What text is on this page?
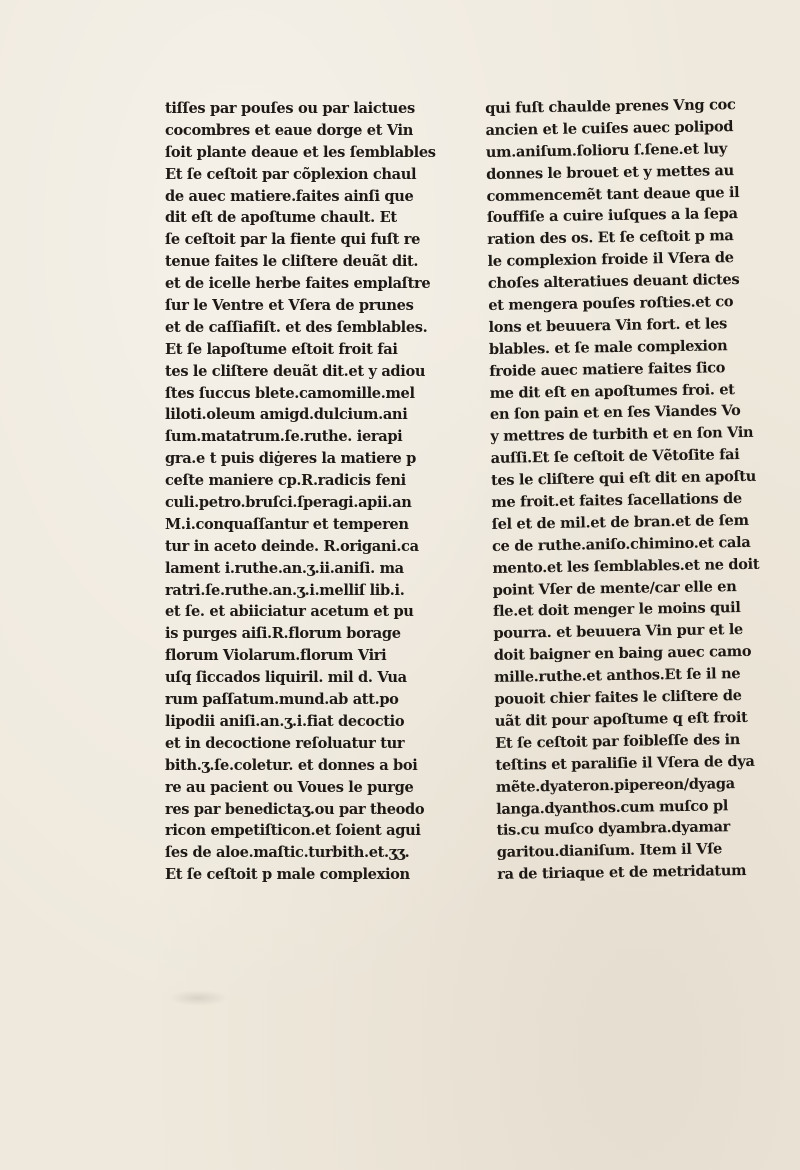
tiſſes par pouſes ou par laictues
cocombres et eaue dorge et Vin
ſoit plante deaue et les ſemblables
Et ſe ceſtoit par cõplexion chaul
de auec matiere.faites ainſi que
dit eſt de apoſtume chault. Et
ſe ceſtoit par la fiente qui fuſt re
tenue faites le cliſtere deuãt dit.
et de icelle herbe faites emplaſtre
ſur le Ventre et Vſera de prunes
et de caſſiafiſt. et des ſemblables.
Et ſe lapoſtume eſtoit froit fai
tes le cliſtere deuãt dit.et y adiou
ſtes ſuccus blete.camomille.mel
liloti.oleum amigd.dulcium.ani
ſum.matatrum.ſe.ruthe. ierapi
gra.e t puis diġeres la matiere p
ceſte maniere cp.R.radicis feni
culi.petro.bruſci.ſperagi.apii.an
M.i.conquaſſantur et temperen
tur in aceto deinde. R.origani.ca
lament i.ruthe.an.ʒ.ii.aniſi. ma
ratri.ſe.ruthe.an.ʒ.i.melliſ lib.i.
et ſe. et abiiciatur acetum et pu
is purges aiſi.R.florum borage
florum Violarum.florum Viri
uſq ſiccados liquiril. mil d. Vua
rum paſſatum.mund.ab att.po
lipodii aniſi.an.ʒ.i.fiat decoctio
et in decoctione reſoluatur tur
bith.ʒ.ſe.coletur. et donnes a boi
re au pacient ou Voues le purge
res par benedictaʒ.ou par theodo
ricon empetiſticon.et ſoient agui
ſes de aloe.maſtic.turbith.et.ʒʒ.
Et ſe ceſtoit p male complexion
qui fuſt chaulde prenes Vng coc
ancien et le cuiſes auec polipod
um.aniſum.ſolioru ſ.ſene.et luy
donnes le brouet et y mettes au
commencemẽt tant deaue que il
ſouffiſe a cuire iuſques a la ſepa
ration des os. Et ſe ceſtoit p ma
le complexion froide il Vſera de
choſes alteratiues deuant dictes
et mengera pouſes roſties.et co
lons et beuuera Vin fort. et les
blables. et ſe male complexion
froide auec matiere faites ſico
me dit eſt en apoſtumes froi. et
en ſon pain et en ſes Viandes Vo
y mettres de turbith et en ſon Vin
auſſi.Et ſe ceſtoit de Vẽtoſite fai
tes le cliſtere qui eſt dit en apoſtu
me froit.et faites ſacellations de
ſel et de mil.et de bran.et de ſem
ce de ruthe.aniſo.chimino.et cala
mento.et les ſemblables.et ne doit
point Vſer de mente/car elle en
fle.et doit menger le moins quil
pourra. et beuuera Vin pur et le
doit baigner en baing auec camo
mille.ruthe.et anthos.Et ſe il ne
pouoit chier faites le cliſtere de
uãt dit pour apoſtume q eſt froit
Et ſe ceſtoit par foibleſſe des in
teſtins et paraliſie il Vſera de dya
mẽte.dyateron.pipereon/dyaga
langa.dyanthos.cum muſco pl
tis.cu muſco dyambra.dyamar
garitou.dianiſum. Item il Vſe
ra de tiriaque et de metridatum
